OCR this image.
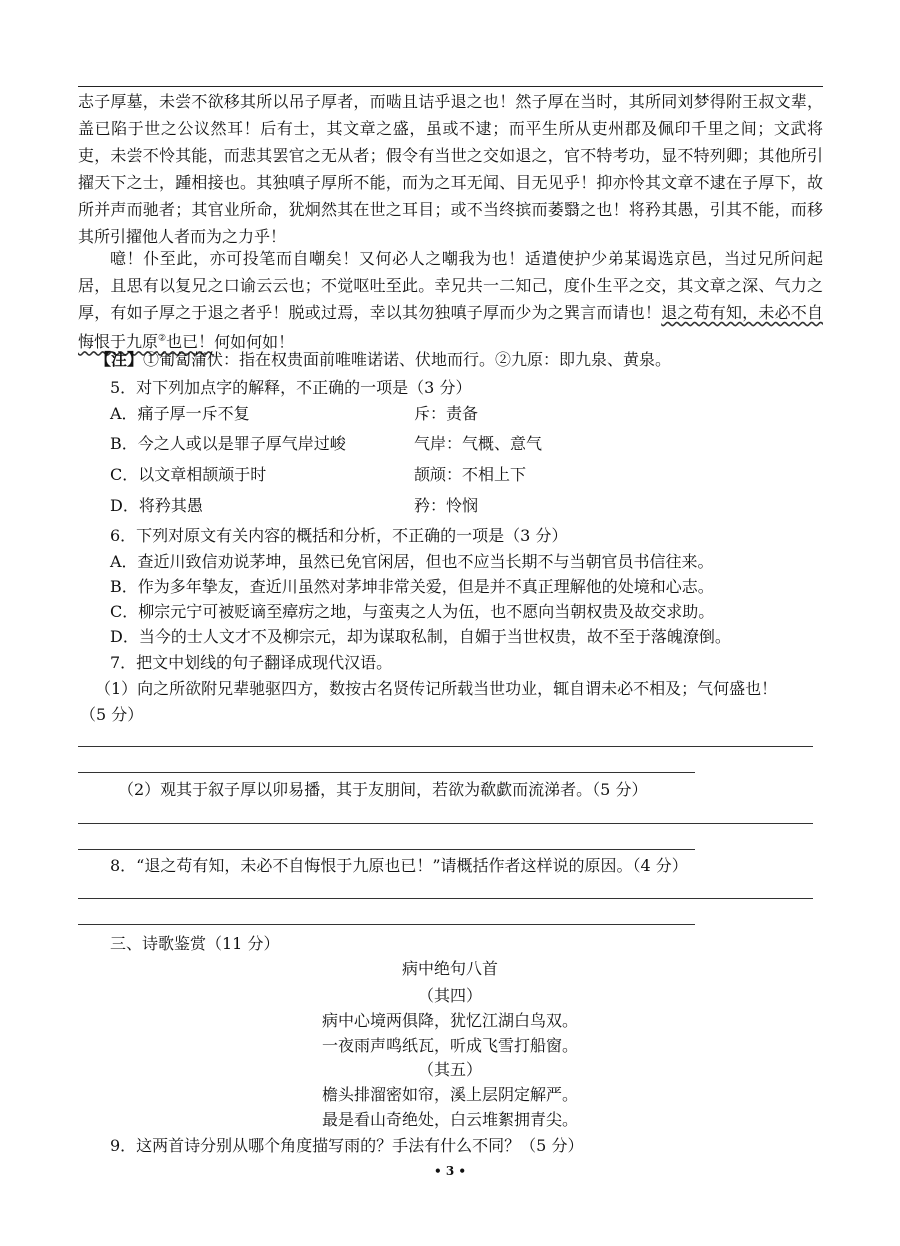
志子厚墓，未尝不欲移其所以吊子厚者，而啮且诘乎退之也！然子厚在当时，其所同刘梦得附王叔文辈，盖已陷于世之公议然耳！后有士，其文章之盛，虽或不逮；而平生所从吏州郡及佩印千里之间；文武将吏，未尝不怜其能，而悲其罢官之无从者；假令有当世之交如退之，官不特考功，显不特列卿；其他所引擢天下之士，踵相接也。其独嗔子厚所不能，而为之耳无闻、目无见乎！抑亦怜其文章不逮在子厚下，故所并声而驰者；其官业所命，犹炯然其在世之耳目；或不当终摈而萎翳之也！将矜其愚，引其不能，而移其所引擢他人者而为之力乎！
噫！仆至此，亦可投笔而自嘲矣！又何必人之嘲我为也！适遣使护少弟某谒选京邑，当过兄所问起居，且思有以复兄之口谕云云也；不觉呕吐至此。幸兄共一二知己，度仆生平之交，其文章之深、气力之厚，有如子厚之于退之者乎！脱或过焉，幸以其勿独嗔子厚而少为之巽言而请也！退之苟有知，未必不自悔恨于九原②也已！何如何如！
【注】①匍匐蒲伏：指在权贵面前唯唯诺诺、伏地而行。②九原：即九泉、黄泉。
5．对下列加点字的解释，不正确的一项是（3 分）
A．痛子厚一斥不复	斥：责备
B．今之人或以是罪子厚气岸过峻	气岸：气概、意气
C．以文章相颉颃于时	颉颃：不相上下
D．将矜其愚	矜：怜悯
6．下列对原文有关内容的概括和分析，不正确的一项是（3 分）
A．查近川致信劝说茅坤，虽然已免官闲居，但也不应当长期不与当朝官员书信往来。
B．作为多年挚友，查近川虽然对茅坤非常关爱，但是并不真正理解他的处境和心志。
C．柳宗元宁可被贬谪至瘴疠之地，与蛮夷之人为伍，也不愿向当朝权贵及故交求助。
D．当今的士人文才不及柳宗元，却为谋取私制，自媚于当世权贵，故不至于落魄潦倒。
7．把文中划线的句子翻译成现代汉语。
（1）向之所欲附兄辈驰驱四方，数按古名贤传记所载当世功业，辄自谓未必不相及；气何盛也！
（5 分）
（2）观其于叙子厚以卯易播，其于友朋间，若欲为欷歔而流涕者。（5 分）
8．“退之苟有知，未必不自悔恨于九原也已！”请概括作者这样说的原因。（4 分）
三、诗歌鉴赏（11 分）
病中绝句八首
（其四）
病中心境两俱降，犹忆江湖白鸟双。
一夜雨声鸣纸瓦，听成飞雪打船窗。
（其五）
檐头排溜密如帘，溪上层阴定解严。
最是看山奇绝处，白云堆絮拥青尖。
9．这两首诗分别从哪个角度描写雨的？手法有什么不同？（5 分）
• 3 •
